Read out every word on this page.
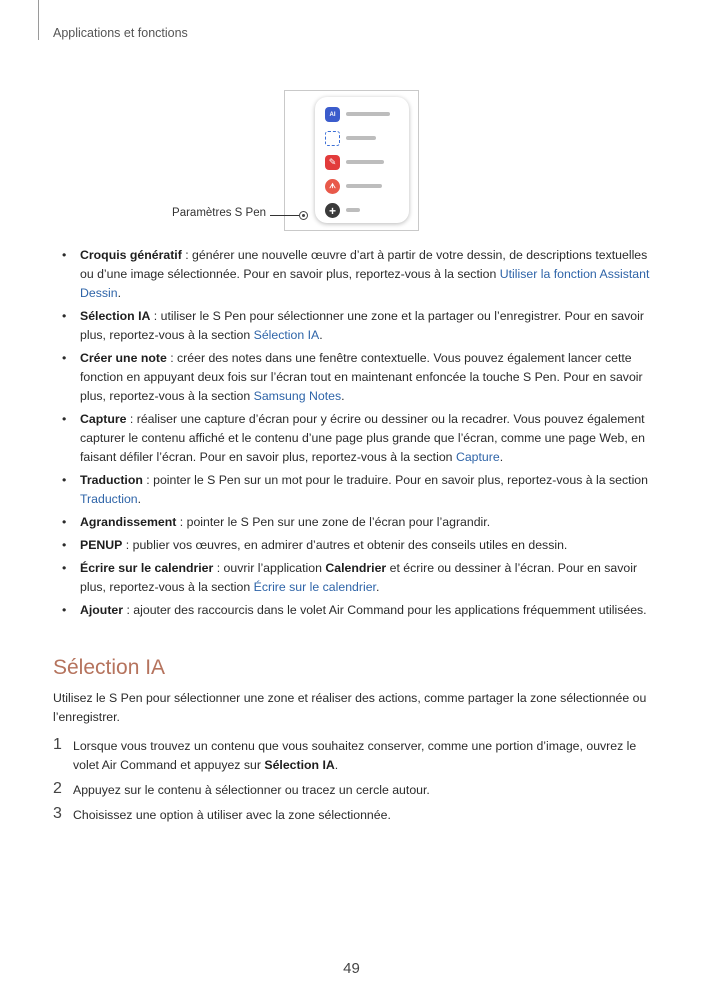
Applications et fonctions
AI
✎
ᗑ
+
Paramètres S Pen
• Croquis génératif : générer une nouvelle œuvre d’art à partir de votre dessin, de descriptions textuelles ou d’une image sélectionnée. Pour en savoir plus, reportez-vous à la section Utiliser la fonction Assistant Dessin.
• Sélection IA : utiliser le S Pen pour sélectionner une zone et la partager ou l’enregistrer. Pour en savoir plus, reportez-vous à la section Sélection IA.
• Créer une note : créer des notes dans une fenêtre contextuelle. Vous pouvez également lancer cette fonction en appuyant deux fois sur l’écran tout en maintenant enfoncée la touche S Pen. Pour en savoir plus, reportez-vous à la section Samsung Notes.
• Capture : réaliser une capture d’écran pour y écrire ou dessiner ou la recadrer. Vous pouvez également capturer le contenu affiché et le contenu d’une page plus grande que l’écran, comme une page Web, en faisant défiler l’écran. Pour en savoir plus, reportez-vous à la section Capture.
• Traduction : pointer le S Pen sur un mot pour le traduire. Pour en savoir plus, reportez-vous à la section Traduction.
• Agrandissement : pointer le S Pen sur une zone de l’écran pour l’agrandir.
• PENUP : publier vos œuvres, en admirer d’autres et obtenir des conseils utiles en dessin.
• Écrire sur le calendrier : ouvrir l’application Calendrier et écrire ou dessiner à l’écran. Pour en savoir plus, reportez-vous à la section Écrire sur le calendrier.
• Ajouter : ajouter des raccourcis dans le volet Air Command pour les applications fréquemment utilisées.
Sélection IA

Utilisez le S Pen pour sélectionner une zone et réaliser des actions, comme partager la zone sélectionnée ou l’enregistrer.

1 Lorsque vous trouvez un contenu que vous souhaitez conserver, comme une portion d’image, ouvrez le volet Air Command et appuyez sur Sélection IA.
2 Appuyez sur le contenu à sélectionner ou tracez un cercle autour.
3 Choisissez une option à utiliser avec la zone sélectionnée.
49
